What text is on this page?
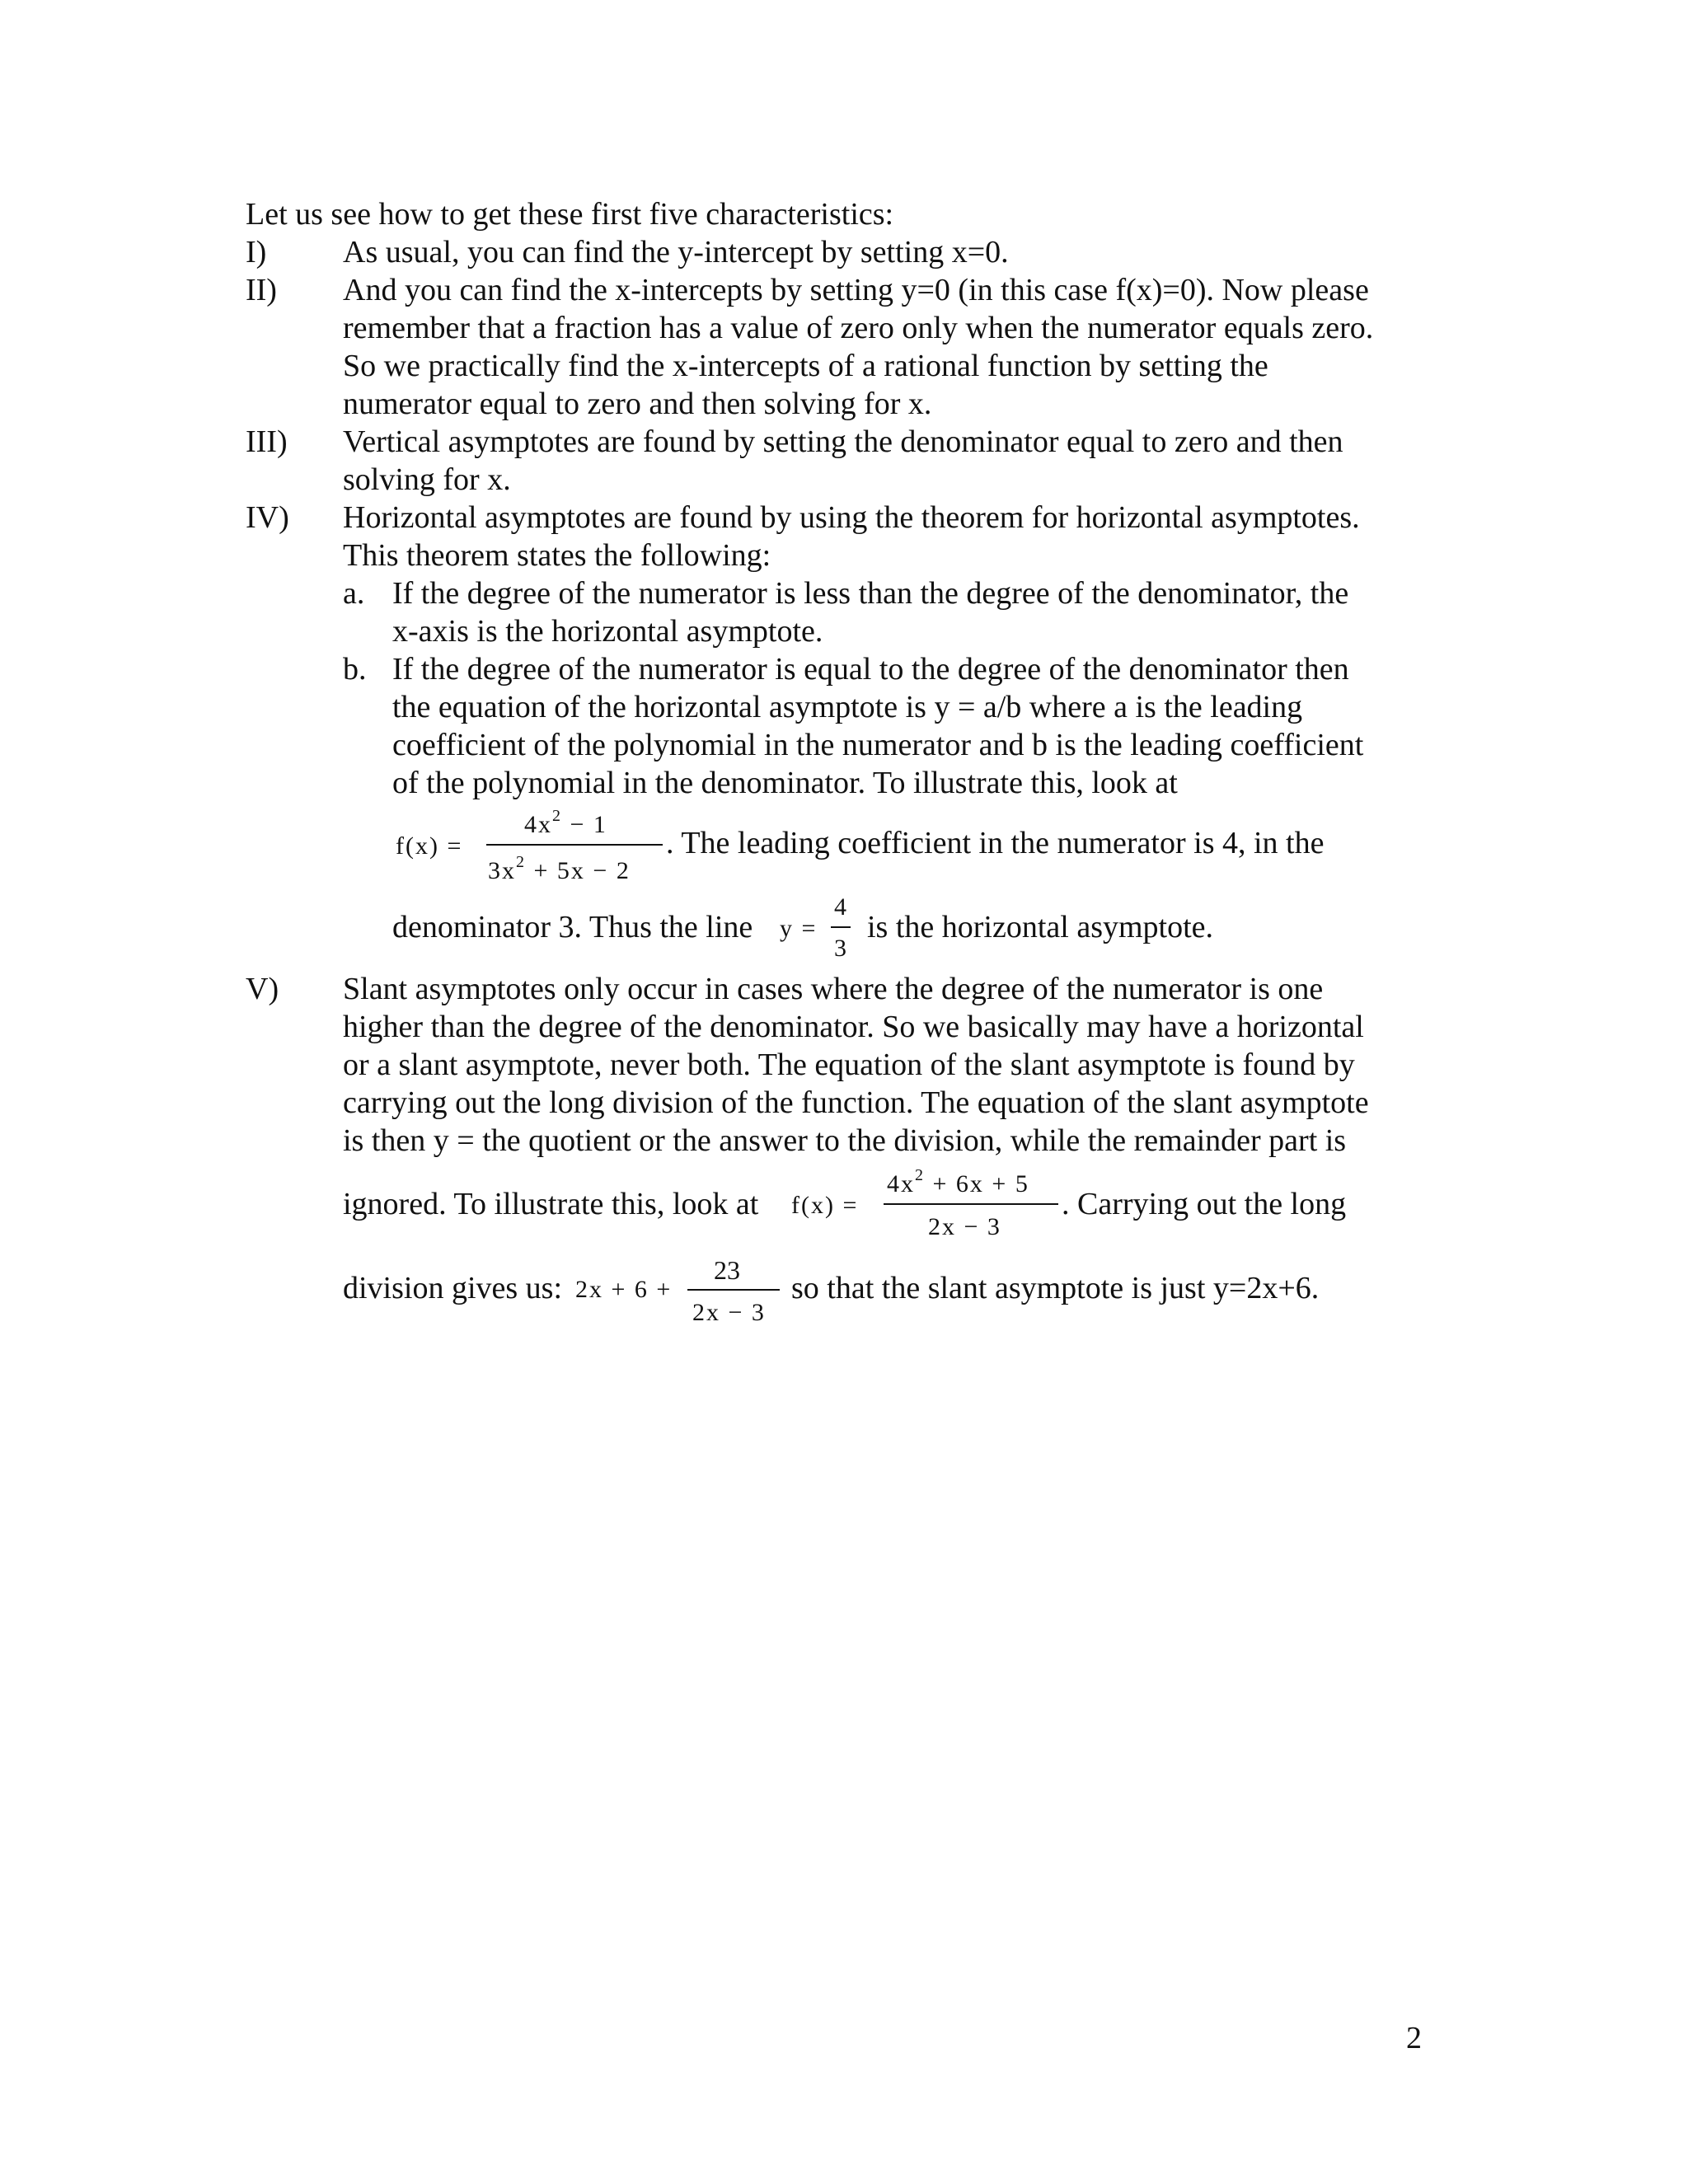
Let us see how to get these first five characteristics:
I) As usual, you can find the y-intercept by setting x=0.
II) And you can find the x-intercepts by setting y=0 (in this case f(x)=0). Now please
remember that a fraction has a value of zero only when the numerator equals zero.
So we practically find the x-intercepts of a rational function by setting the
numerator equal to zero and then solving for x.
III) Vertical asymptotes are found by setting the denominator equal to zero and then
solving for x.
IV) Horizontal asymptotes are found by using the theorem for horizontal asymptotes.
This theorem states the following:
a. If the degree of the numerator is less than the degree of the denominator, the
x-axis is the horizontal asymptote.
b. If the degree of the numerator is equal to the degree of the denominator then
the equation of the horizontal asymptote is y = a/b where a is the leading
coefficient of the polynomial in the numerator and b is the leading coefficient
of the polynomial in the denominator. To illustrate this, look at
f(x) =
$4x^2 - 1$
$3x^2 + 5x - 2$
. The leading coefficient in the numerator is 4, in the
denominator 3. Thus the line y =
4
3
is the horizontal asymptote.
V) Slant asymptotes only occur in cases where the degree of the numerator is one
higher than the degree of the denominator. So we basically may have a horizontal
or a slant asymptote, never both. The equation of the slant asymptote is found by
carrying out the long division of the function. The equation of the slant asymptote
is then y = the quotient or the answer to the division, while the remainder part is
ignored. To illustrate this, look at f(x) =
$4x^2 + 6x + 5$
2x − 3
. Carrying out the long
division gives us: 2x + 6 +
23
2x − 3
so that the slant asymptote is just y=2x+6.
2
